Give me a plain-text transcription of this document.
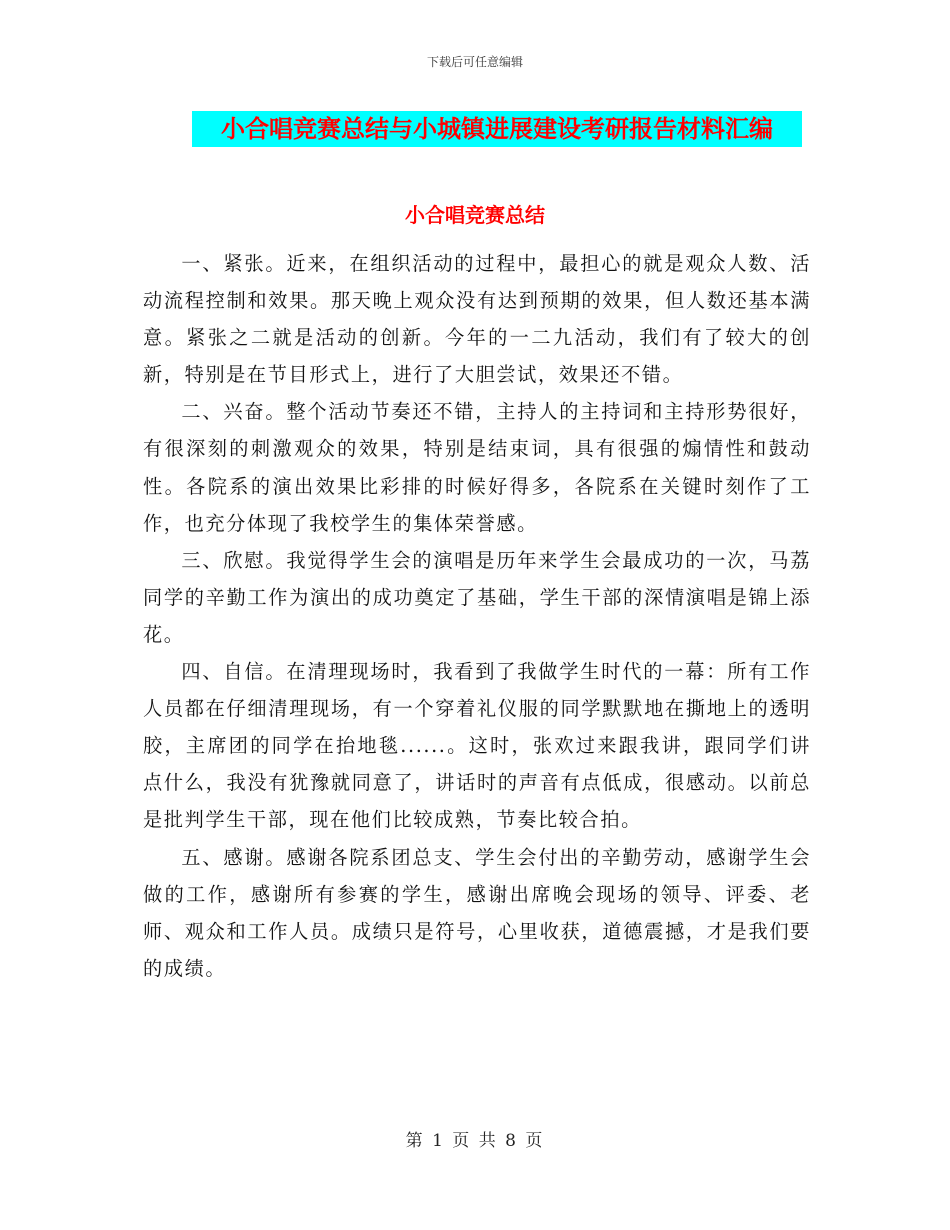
下载后可任意编辑
小合唱竞赛总结与小城镇进展建设考研报告材料汇编
小合唱竞赛总结

一、紧张。近来，在组织活动的过程中，最担心的就是观众人数、活动流程控制和效果。那天晚上观众没有达到预期的效果，但人数还基本满意。紧张之二就是活动的创新。今年的一二九活动，我们有了较大的创新，特别是在节目形式上，进行了大胆尝试，效果还不错。

二、兴奋。整个活动节奏还不错，主持人的主持词和主持形势很好，有很深刻的刺激观众的效果，特别是结束词，具有很强的煽情性和鼓动性。各院系的演出效果比彩排的时候好得多，各院系在关键时刻作了工作，也充分体现了我校学生的集体荣誉感。

三、欣慰。我觉得学生会的演唱是历年来学生会最成功的一次，马荔同学的辛勤工作为演出的成功奠定了基础，学生干部的深情演唱是锦上添花。

四、自信。在清理现场时，我看到了我做学生时代的一幕：所有工作人员都在仔细清理现场，有一个穿着礼仪服的同学默默地在撕地上的透明胶，主席团的同学在抬地毯......。这时，张欢过来跟我讲，跟同学们讲点什么，我没有犹豫就同意了，讲话时的声音有点低成，很感动。以前总是批判学生干部，现在他们比较成熟，节奏比较合拍。

五、感谢。感谢各院系团总支、学生会付出的辛勤劳动，感谢学生会做的工作，感谢所有参赛的学生，感谢出席晚会现场的领导、评委、老师、观众和工作人员。成绩只是符号，心里收获，道德震撼，才是我们要的成绩。

第 1 页 共 8 页
